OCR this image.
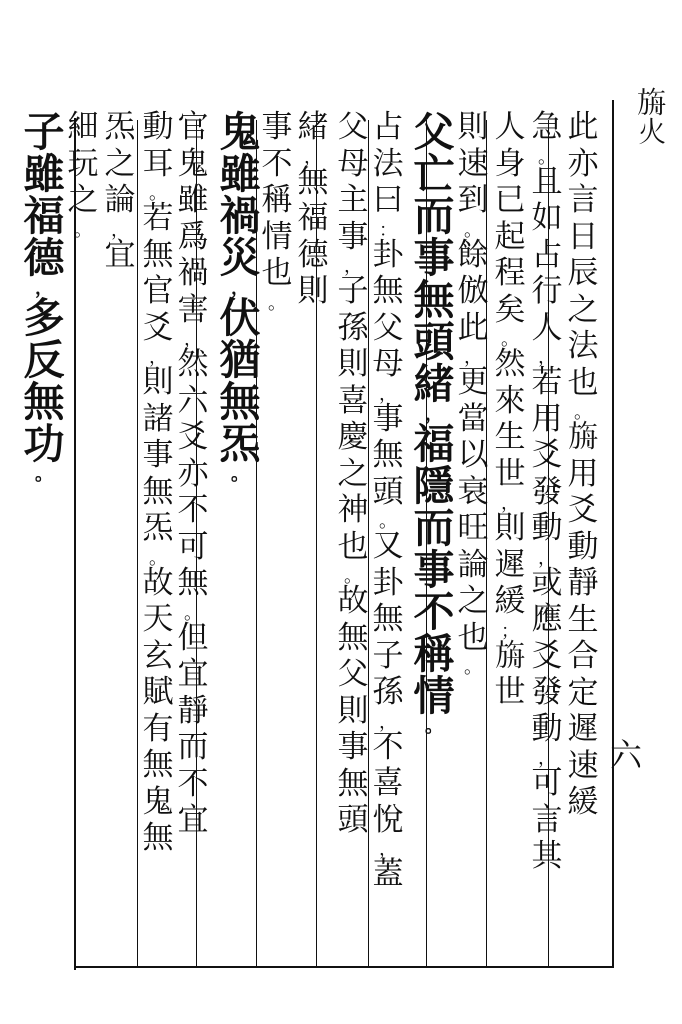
𣃼火
六
此
亦
言
日
辰
之
法
也
。
𣃼
用
爻
動
靜
生
合
定
遲
速
緩
急
。
且
如
占
行
人
，
若
用
爻
發
動
，
或
應
爻
發
動
，
可
言
其
人
身
已
起
程
矣
。
然
來
生
世
，
則
遲
緩
；
𣃼
世
則
速
到
。
餘
倣
此
，
更
當
以
衰
旺
論
之
也
。
父
亡
而
事
無
頭
緒
，
福
隱
而
事
不
稱
情
。
占
法
曰
：
卦
無
父
母
，
事
無
頭
。
又
卦
無
子
孫
，
不
喜
悅
，
蓋
父
母
主
事
，
子
孫
則
喜
慶
之
神
也
。
故
無
父
則
事
無
頭
緒
，
無
福
德
則
事
不
稱
情
也
。
鬼
雖
禍
災
，
伏
猶
無
炁
。
官
鬼
雖
爲
禍
害
，
然
六
爻
亦
不
可
無
。
但
宜
靜
而
不
宜
動
耳
。
若
無
官
爻
，
則
諸
事
無
炁
。
故
天
玄
賦
有
無
鬼
無
炁
之
論
，
宜
細
玩
之
。
子
雖
福
德
，
多
反
無
功
。
